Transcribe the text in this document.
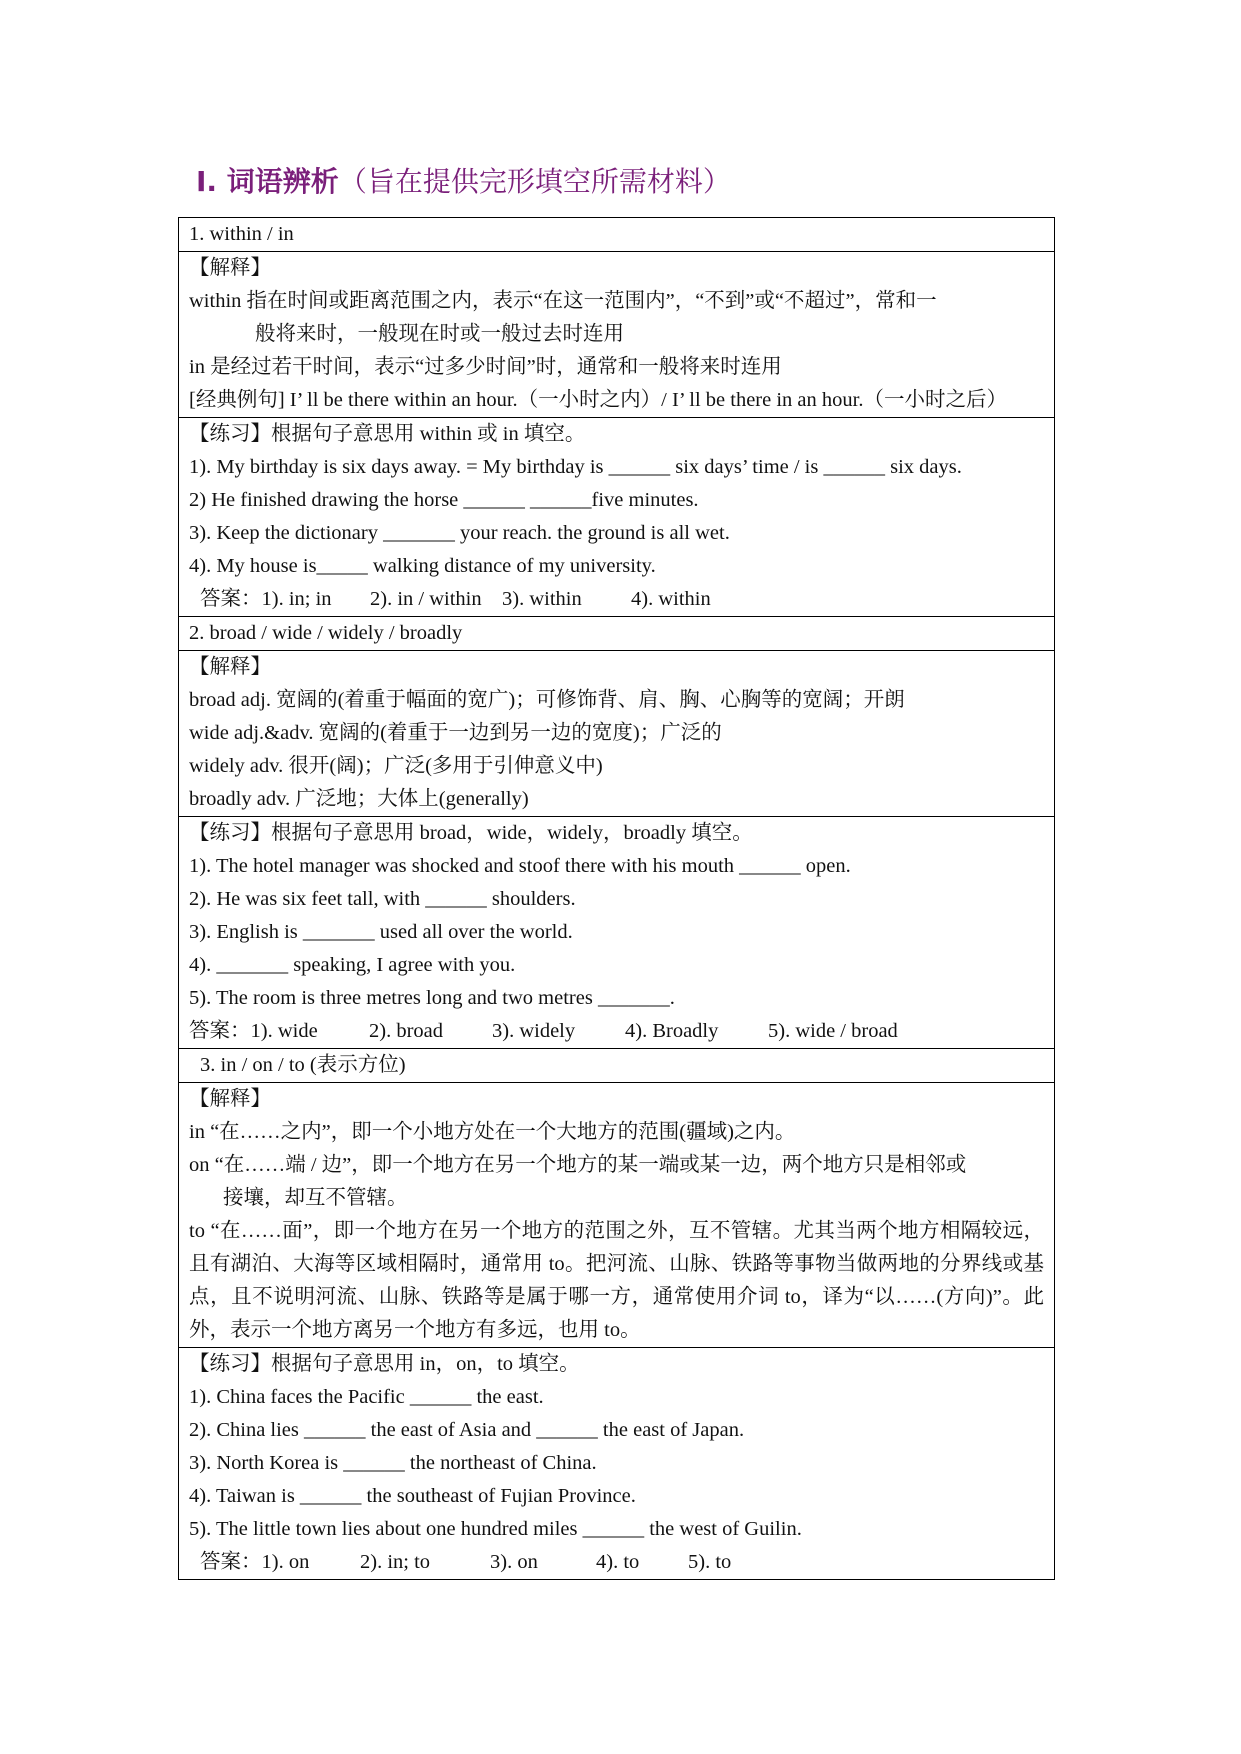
Ⅰ. 词语辨析（旨在提供完形填空所需材料）
1. within / in

【解释】
within 指在时间或距离范围之内，表示“在这一范围内”，“不到”或“不超过”，常和一
般将来时，一般现在时或一般过去时连用
in 是经过若干时间，表示“过多少时间”时，通常和一般将来时连用
[经典例句] I’ ll be there within an hour.（一小时之内）/ I’ ll be there in an hour.（一小时之后）

【练习】根据句子意思用 within 或 in 填空。
1). My birthday is six days away. = My birthday is ______ six days’ time / is ______ six days.
2) He finished drawing the horse ______ ______five minutes.
3). Keep the dictionary _______ your reach. the ground is all wet.
4). My house is_____ walking distance of my university.
答案：1). in; in 2). in / within 3). within 4). within

2. broad / wide / widely / broadly

【解释】
broad adj. 宽阔的(着重于幅面的宽广)；可修饰背、肩、胸、心胸等的宽阔；开朗
wide adj.&adv. 宽阔的(着重于一边到另一边的宽度)；广泛的
widely adv. 很开(阔)；广泛(多用于引伸意义中)
broadly adv. 广泛地；大体上(generally)

【练习】根据句子意思用 broad，wide，widely，broadly 填空。
1). The hotel manager was shocked and stoof there with his mouth ______ open.
2). He was six feet tall, with ______ shoulders.
3). English is _______ used all over the world.
4). _______ speaking, I agree with you.
5). The room is three metres long and two metres _______.
答案：1). wide	2). broad 3). widely 4). Broadly 5). wide / broad

3. in / on / to (表示方位)

【解释】
in “在……之内”，即一个小地方处在一个大地方的范围(疆域)之内。
on “在……端 / 边”，即一个地方在另一个地方的某一端或某一边，两个地方只是相邻或
接壤，却互不管辖。
to “在……面”，即一个地方在另一个地方的范围之外，互不管辖。尤其当两个地方相隔较远，且有湖泊、大海等区域相隔时，通常用 to。把河流、山脉、铁路等事物当做两地的分界线或基点，且不说明河流、山脉、铁路等是属于哪一方，通常使用介词 to，译为“以……(方向)”。此外，表示一个地方离另一个地方有多远，也用 to。

【练习】根据句子意思用 in，on，to 填空。
1). China faces the Pacific ______ the east.
2). China lies ______ the east of Asia and ______ the east of Japan.
3). North Korea is ______ the northeast of China.
4). Taiwan is ______ the southeast of Fujian Province.
5). The little town lies about one hundred miles ______ the west of Guilin.
答案：1). on 2). in; to	3). on	4). to 5). to
